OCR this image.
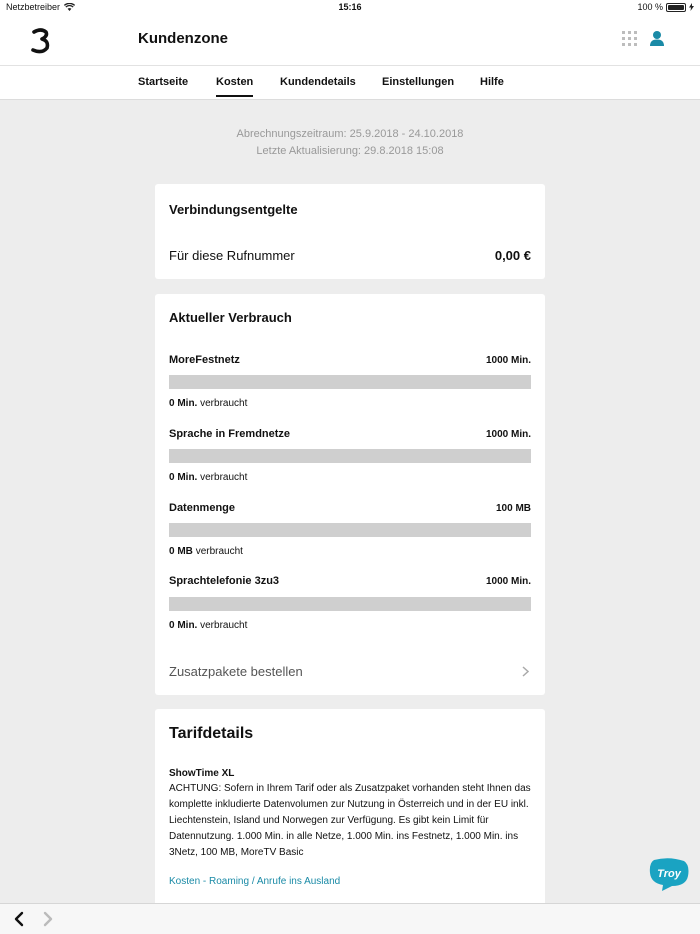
Netzbetreiber	15:16	100 %
Kundenzone
Startseite	Kosten Kundendetails Einstellungen Hilfe
Abrechnungszeitraum: 25.9.2018 - 24.10.2018
Letzte Aktualisierung: 29.8.2018 15:08
Verbindungsentgelte
Für diese Rufnummer	0,00 €
Aktueller Verbrauch
MoreFestnetz	1000 Min.
0 Min. verbraucht
Sprache in Fremdnetze	1000 Min.
0 Min. verbraucht
Datenmenge	100 MB
0 MB verbraucht
Sprachtelefonie 3zu3	1000 Min.
0 Min. verbraucht
Zusatzpakete bestellen
Tarifdetails
ShowTime XL
ACHTUNG: Sofern in Ihrem Tarif oder als Zusatzpaket vorhanden steht Ihnen das komplette inkludierte Datenvolumen zur Nutzung in Österreich und in der EU inkl. Liechtenstein, Island und Norwegen zur Verfügung. Es gibt kein Limit für Datennutzung. 1.000 Min. in alle Netze, 1.000 Min. ins Festnetz, 1.000 Min. ins 3Netz, 100 MB, MoreTV Basic
Kosten - Roaming / Anrufe ins Ausland
Troy
